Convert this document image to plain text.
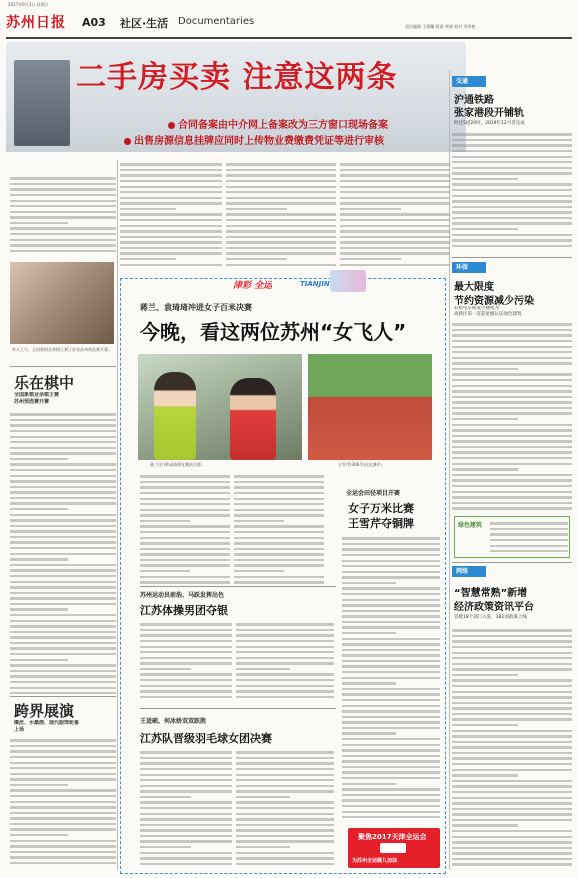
2017年9月3日 星期日
苏州日报 A03 社区·生活 Documentaries	责任编辑 王雅馨 版面 黄靖 校对 李翠艳
二手房买卖 注意这两条
合同备案由中介网上备案改为三方窗口现场备案
出售房源信息挂牌应同时上传物业费缴费凭证等进行审核
昨天上午，全国象棋业余棋王赛江苏省苏州预选赛开幕。
乐在棋中
全国象棋业余棋王赛
苏州预选赛开赛
跨界展演
爆丝、水墨画、现代服饰轮番
上场
津彩 全运	TIANJIN
蒋兰、袁琦琦冲进女子百米决赛
今晚，看这两位苏州“女飞人”
蒋兰(左)和袁琦琦在赛前合影。	王雪芹(306号)在比赛中。
全运会田径项目开赛
女子万米比赛
王雪芹夺铜牌
苏州运动员前浩、马跃发挥出色
江苏体操男团夺银
王适硕、何冰娇双双跃胜
江苏队晋级羽毛球女团决赛
聚焦2017天津全运会
为苏州全运健儿加油
交通
沪通铁路
张家港段开铺轨
经过5道20吋，2019年12月待完成
环保
最大限度
节约资源减少污染
有机电车研发大楼成为
高新区第一连获星级认证绿色建筑
绿色建筑
网络
“智慧常熟”新增
经济政策资讯平台
首批18个部门入驻，381项政策上线
